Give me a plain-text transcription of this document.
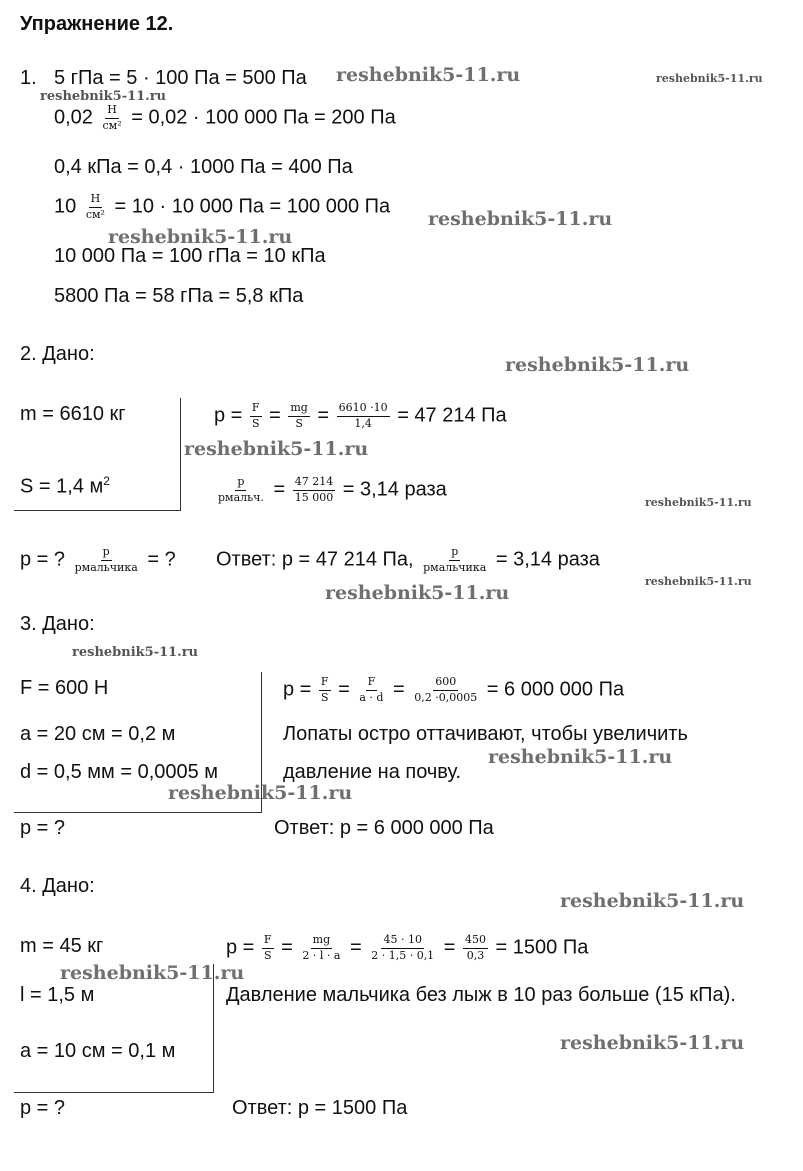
Упражнение 12.
1. 5 гПа = 5 · 100 Па = 500 Па
$0,02 \frac{Н}{\text{см²}} = 0,02 \cdot 100$ 000 Па = 200 Па
0,4 кПа = 0,4 · 1000 Па = 400 Па
$10 \frac{Н}{\text{см²}} = 10 \cdot 10$ 000 Па = 100 000 Па
10 000 Па = 100 гПа = 10 кПа
5800 Па = 58 гПа = 5,8 кПа
2. Дано:
m = 6610 кг
S = 1,4 $м^2$
$p = \frac{F}{S} = \frac{mg}{S} = \frac{6610 \cdot 10}{1,4} = 47$ 214 Па
$\frac{p}{\text{pмальч.}} = \frac{47 214}{15 000} = 3,14$ раза
p = ? $\frac{p}{\text{pмальчика}}$ = ? Ответ: p = 47 214 Па, $\frac{p}{\text{pмальчика}} = 3,14$ раза
3. Дано:
F = 600 Н
a = 20 см = 0,2 м
d = 0,5 мм = 0,0005 м
p = ?
$p = \frac{F}{S} = \frac{F}{a \cdot d} = \frac{600}{0,2 \cdot 0,0005} = 6$ 000 000 Па
Лопаты остро оттачивают, чтобы увеличить
давление на почву.
Ответ: p = 6 000 000 Па
4. Дано:
m = 45 кг
l = 1,5 м
a = 10 см = 0,1 м
p = ?
$p = \frac{F}{S} = \frac{mg}{2 \cdot l \cdot a} = \frac{45 \cdot 10}{2 \cdot 1,5 \cdot 0,1} = \frac{450}{0,3} = 1500$ Па
Давление мальчика без лыж в 10 раз больше (15 кПа).
Ответ: p = 1500 Па
reshebnik5-11.ru	reshebnik5-11.ru
reshebnik5-11.ru
reshebnik5-11.ru
reshebnik5-11.ru
reshebnik5-11.ru
reshebnik5-11.ru
reshebnik5-11.ru
reshebnik5-11.ru
reshebnik5-11.ru
reshebnik5-11.ru
reshebnik5-11.ru
reshebnik5-11.ru
reshebnik5-11.ru
reshebnik5-11.ru
reshebnik5-11.ru
